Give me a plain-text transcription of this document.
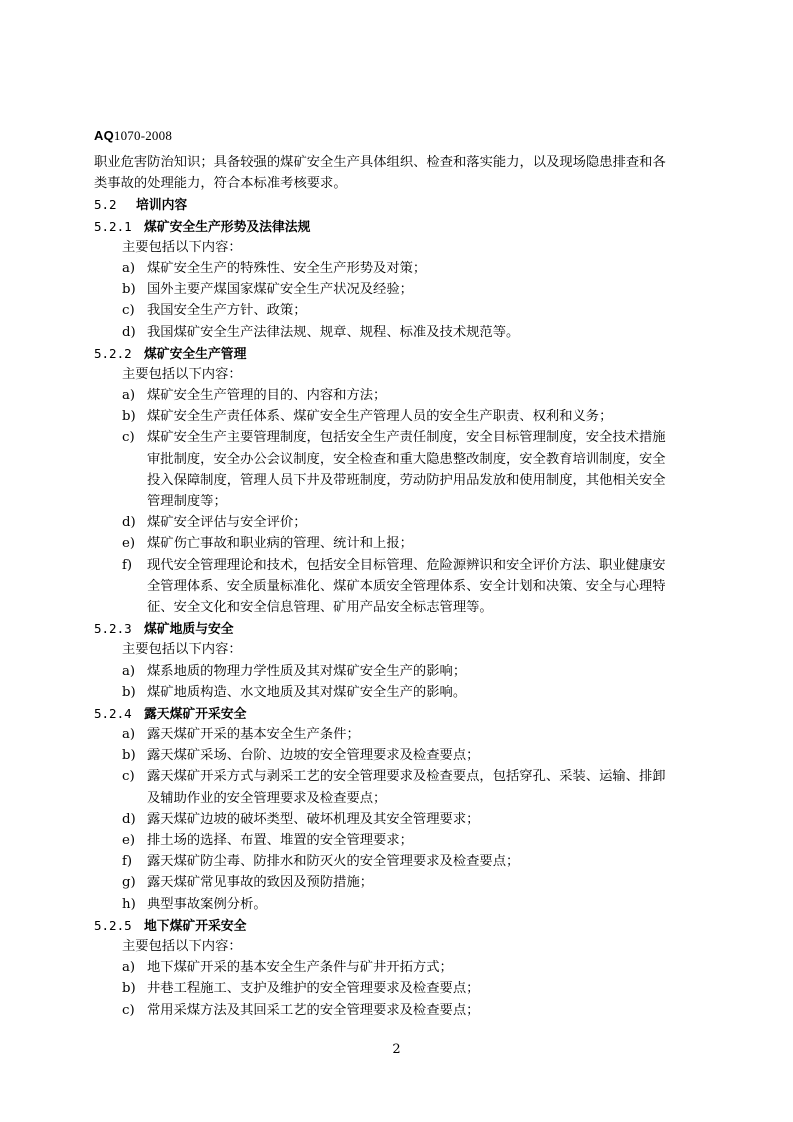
AQ1070-2008
职业危害防治知识；具备较强的煤矿安全生产具体组织、检查和落实能力，以及现场隐患排查和各
类事故的处理能力，符合本标准考核要求。
5.2 培训内容
5.2.1 煤矿安全生产形势及法律法规
主要包括以下内容：
a) 煤矿安全生产的特殊性、安全生产形势及对策；
b) 国外主要产煤国家煤矿安全生产状况及经验；
c) 我国安全生产方针、政策；
d) 我国煤矿安全生产法律法规、规章、规程、标准及技术规范等。
5.2.2 煤矿安全生产管理
主要包括以下内容：
a) 煤矿安全生产管理的目的、内容和方法；
b) 煤矿安全生产责任体系、煤矿安全生产管理人员的安全生产职责、权利和义务；
c) 煤矿安全生产主要管理制度，包括安全生产责任制度，安全目标管理制度，安全技术措施
审批制度，安全办公会议制度，安全检查和重大隐患整改制度，安全教育培训制度，安全
投入保障制度，管理人员下井及带班制度，劳动防护用品发放和使用制度，其他相关安全
管理制度等；
d) 煤矿安全评估与安全评价；
e) 煤矿伤亡事故和职业病的管理、统计和上报；
f)	现代安全管理理论和技术，包括安全目标管理、危险源辨识和安全评价方法、职业健康安
全管理体系、安全质量标准化、煤矿本质安全管理体系、安全计划和决策、安全与心理特
征、安全文化和安全信息管理、矿用产品安全标志管理等。
5.2.3 煤矿地质与安全
主要包括以下内容：
a) 煤系地质的物理力学性质及其对煤矿安全生产的影响；
b) 煤矿地质构造、水文地质及其对煤矿安全生产的影响。
5.2.4 露天煤矿开采安全
a) 露天煤矿开采的基本安全生产条件；
b) 露天煤矿采场、台阶、边坡的安全管理要求及检查要点；
c) 露天煤矿开采方式与剥采工艺的安全管理要求及检查要点，包括穿孔、采装、运输、排卸
及辅助作业的安全管理要求及检查要点；
d) 露天煤矿边坡的破坏类型、破坏机理及其安全管理要求；
e) 排土场的选择、布置、堆置的安全管理要求；
f)	露天煤矿防尘毒、防排水和防灭火的安全管理要求及检查要点；
g) 露天煤矿常见事故的致因及预防措施；
h) 典型事故案例分析。
5.2.5 地下煤矿开采安全
主要包括以下内容：
a) 地下煤矿开采的基本安全生产条件与矿井开拓方式；
b) 井巷工程施工、支护及维护的安全管理要求及检查要点；
c) 常用采煤方法及其回采工艺的安全管理要求及检查要点；
2
